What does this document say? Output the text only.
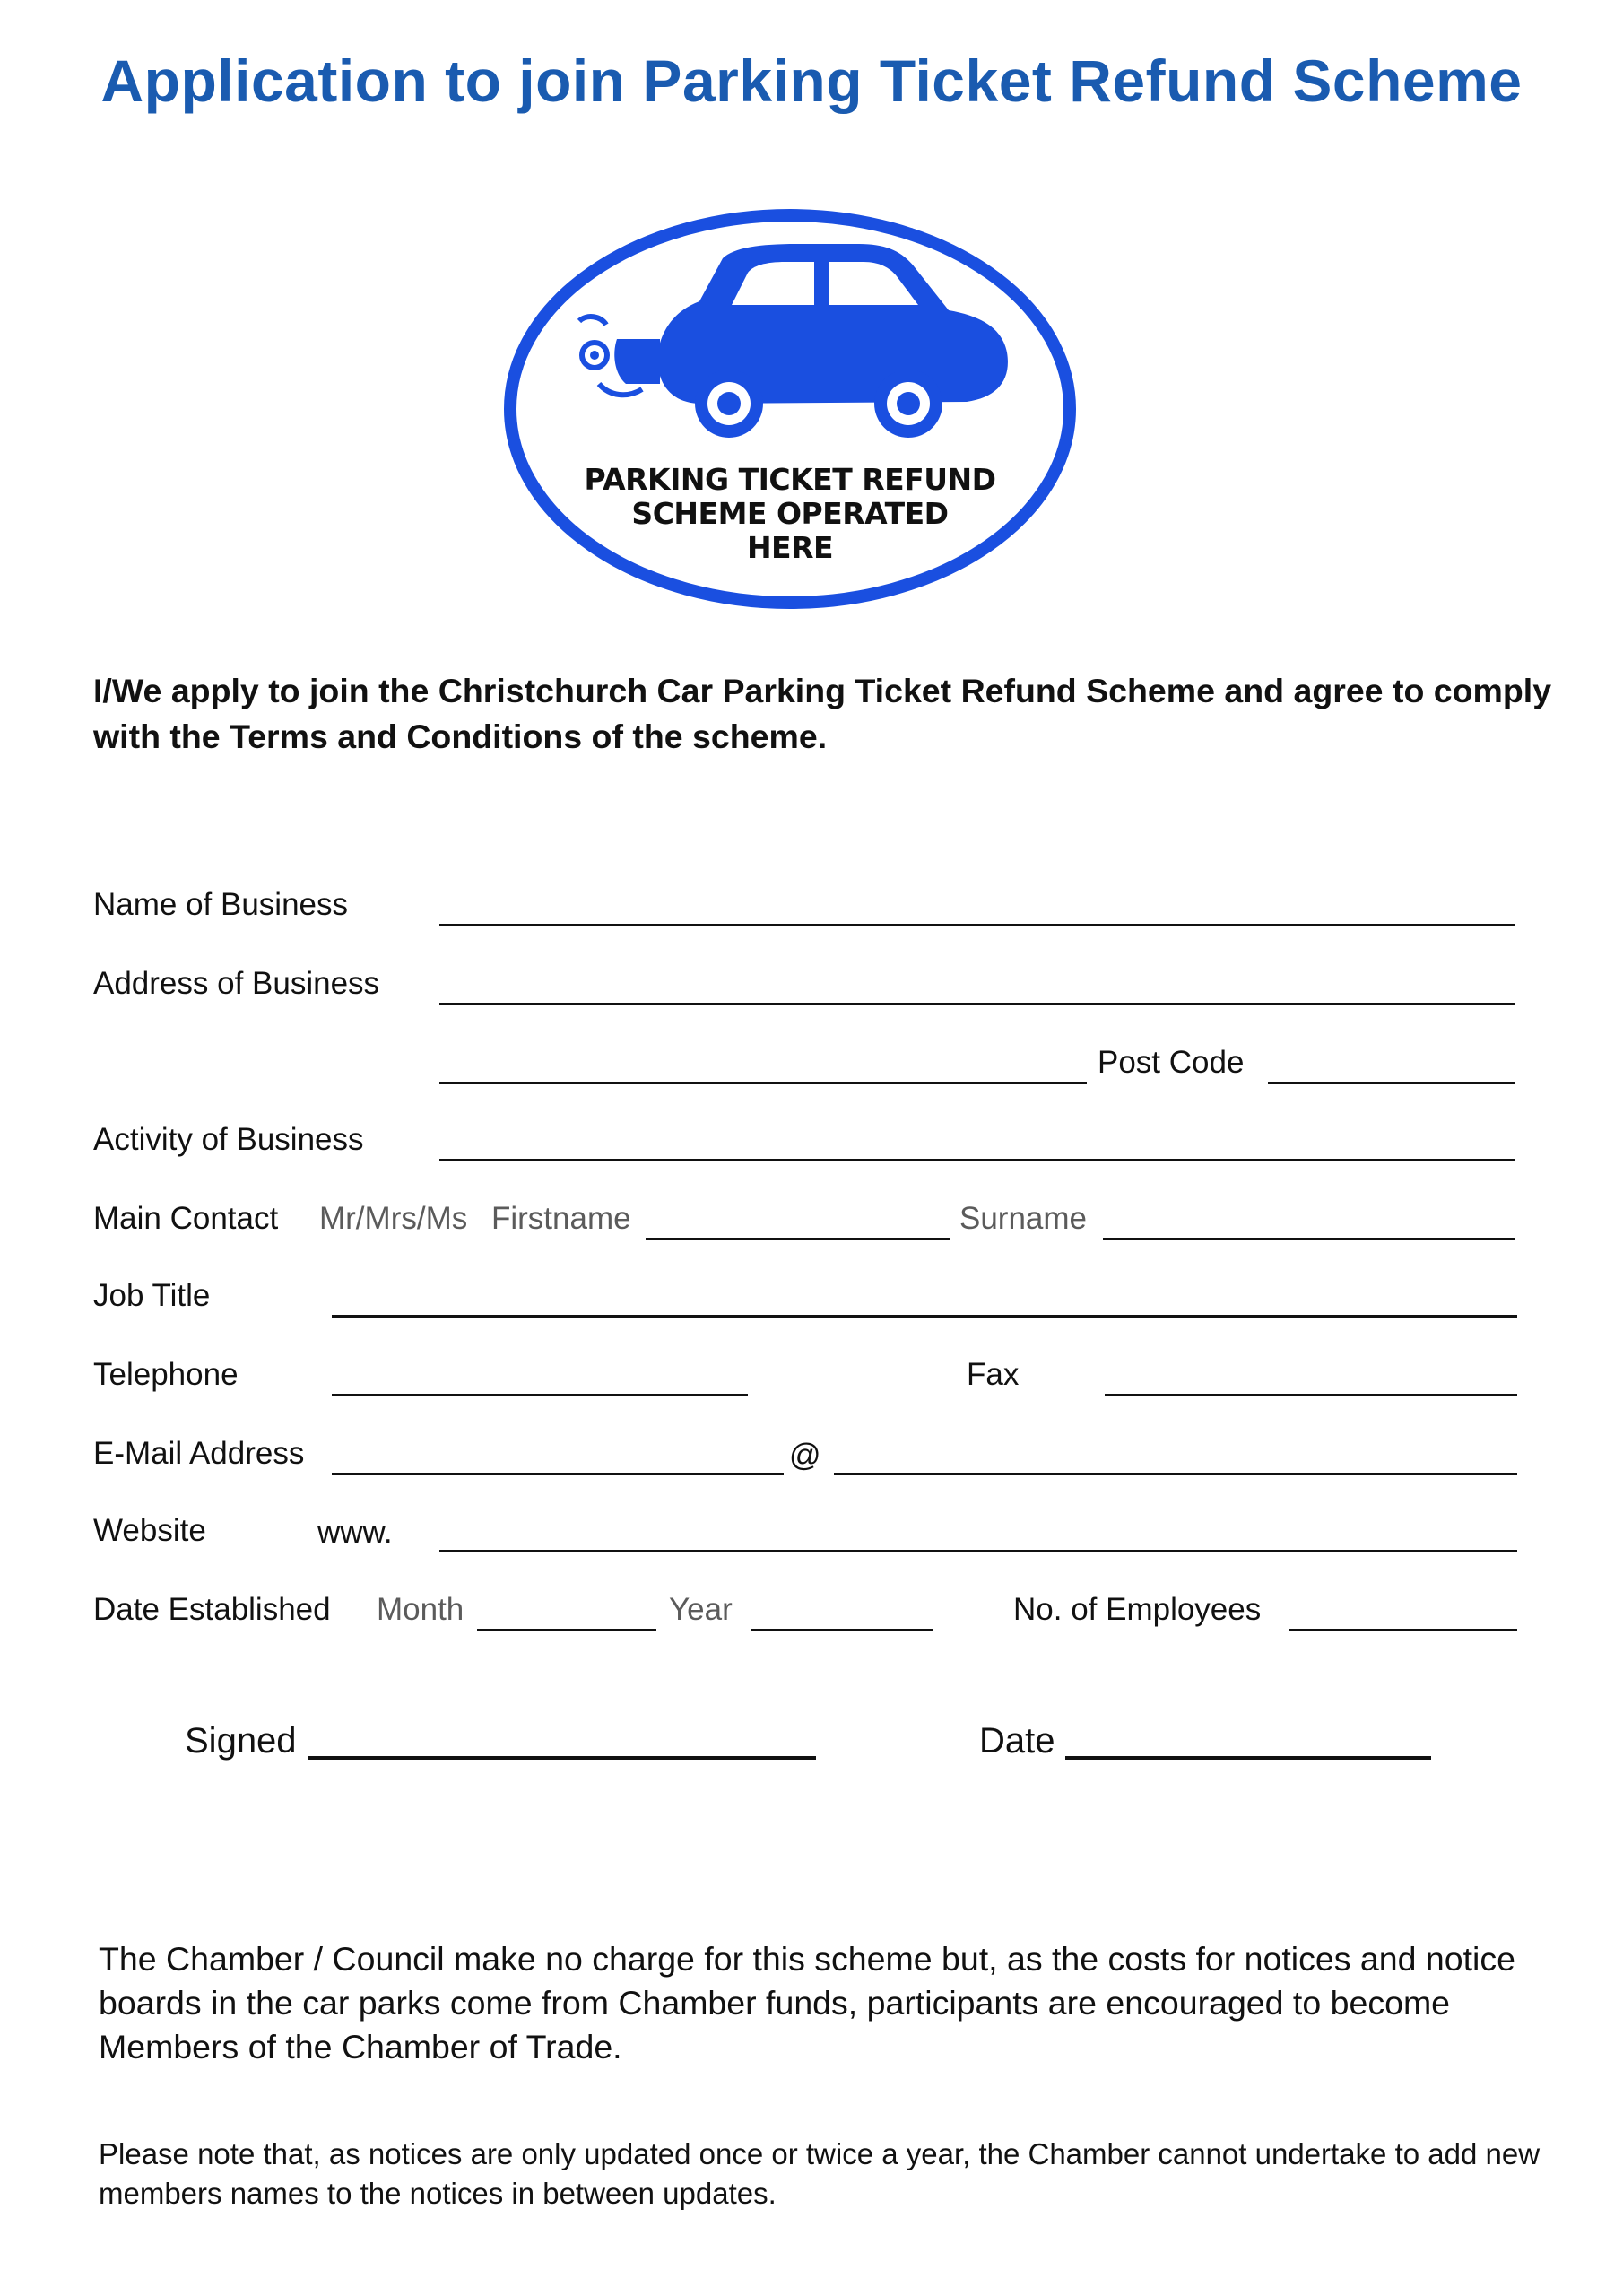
Application to join Parking Ticket Refund Scheme
PARKING TICKET REFUND
SCHEME OPERATED
HERE
I/We apply to join the Christchurch Car Parking Ticket Refund Scheme and agree to comply with the Terms and Conditions of the scheme.
Name of Business
Address of Business
Post Code
Activity of Business
Main Contact Mr/Mrs/Ms Firstname	Surname
Job Title
Telephone	Fax
E-Mail Address	@
Website	www.
Date Established Month	Year	No. of Employees
Signed	Date
The Chamber / Council make no charge for this scheme but, as the costs for notices and notice boards in the car parks come from Chamber funds, participants are encouraged to become Members of the Chamber of Trade.
Please note that, as notices are only updated once or twice a year, the Chamber cannot undertake to add new members names to the notices in between updates.
